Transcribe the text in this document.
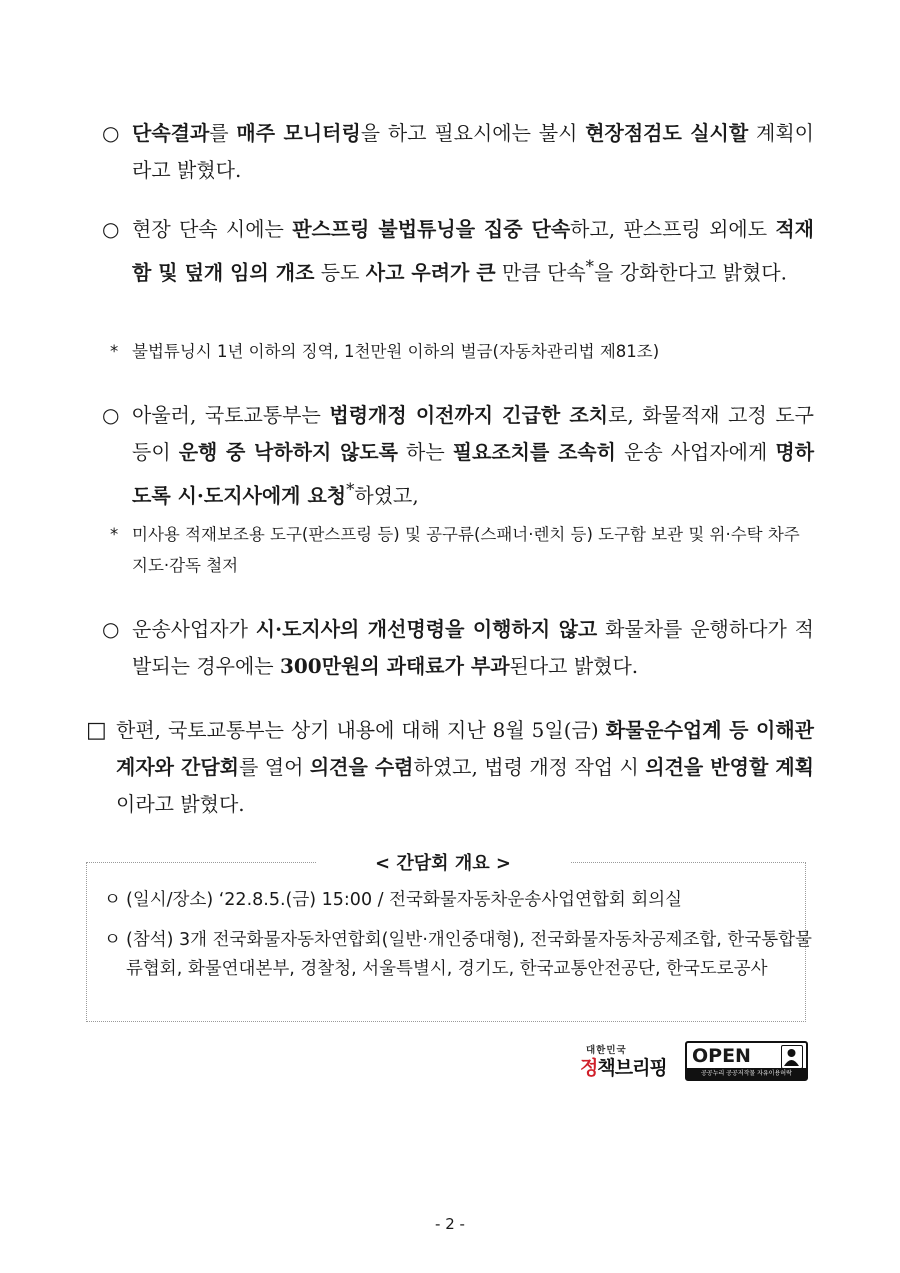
○ 단속결과를 매주 모니터링을 하고 필요시에는 불시 현장점검도 실시할 계획이라고 밝혔다.
○ 현장 단속 시에는 판스프링 불법튜닝을 집중 단속하고, 판스프링 외에도 적재함 및 덮개 임의 개조 등도 사고 우려가 큰 만큼 단속*을 강화한다고 밝혔다.
* 불법튜닝시 1년 이하의 징역, 1천만원 이하의 벌금(자동차관리법 제81조)
○ 아울러, 국토교통부는 법령개정 이전까지 긴급한 조치로, 화물적재 고정 도구 등이 운행 중 낙하하지 않도록 하는 필요조치를 조속히 운송 사업자에게 명하도록 시·도지사에게 요청*하였고,
* 미사용 적재보조용 도구(판스프링 등) 및 공구류(스패너·렌치 등) 도구함 보관 및 위·수탁 차주 지도·감독 철저
○ 운송사업자가 시·도지사의 개선명령을 이행하지 않고 화물차를 운행하다가 적발되는 경우에는 300만원의 과태료가 부과된다고 밝혔다.
□ 한편, 국토교통부는 상기 내용에 대해 지난 8월 5일(금) 화물운수업계 등 이해관계자와 간담회를 열어 의견을 수렴하였고, 법령 개정 작업 시 의견을 반영할 계획이라고 밝혔다.
< 간담회 개요 >
ㅇ (일시/장소) ‘22.8.5.(금) 15:00 / 전국화물자동차운송사업연합회 회의실
ㅇ (참석) 3개 전국화물자동차연합회(일반·개인중대형), 전국화물자동차공제조합, 한국통합물류협회, 화물연대본부, 경찰청, 서울특별시, 경기도, 한국교통안전공단, 한국도로공사
대한민국
정책브리핑
OPEN
공공누리 공공저작물 자유이용허락
- 2 -
